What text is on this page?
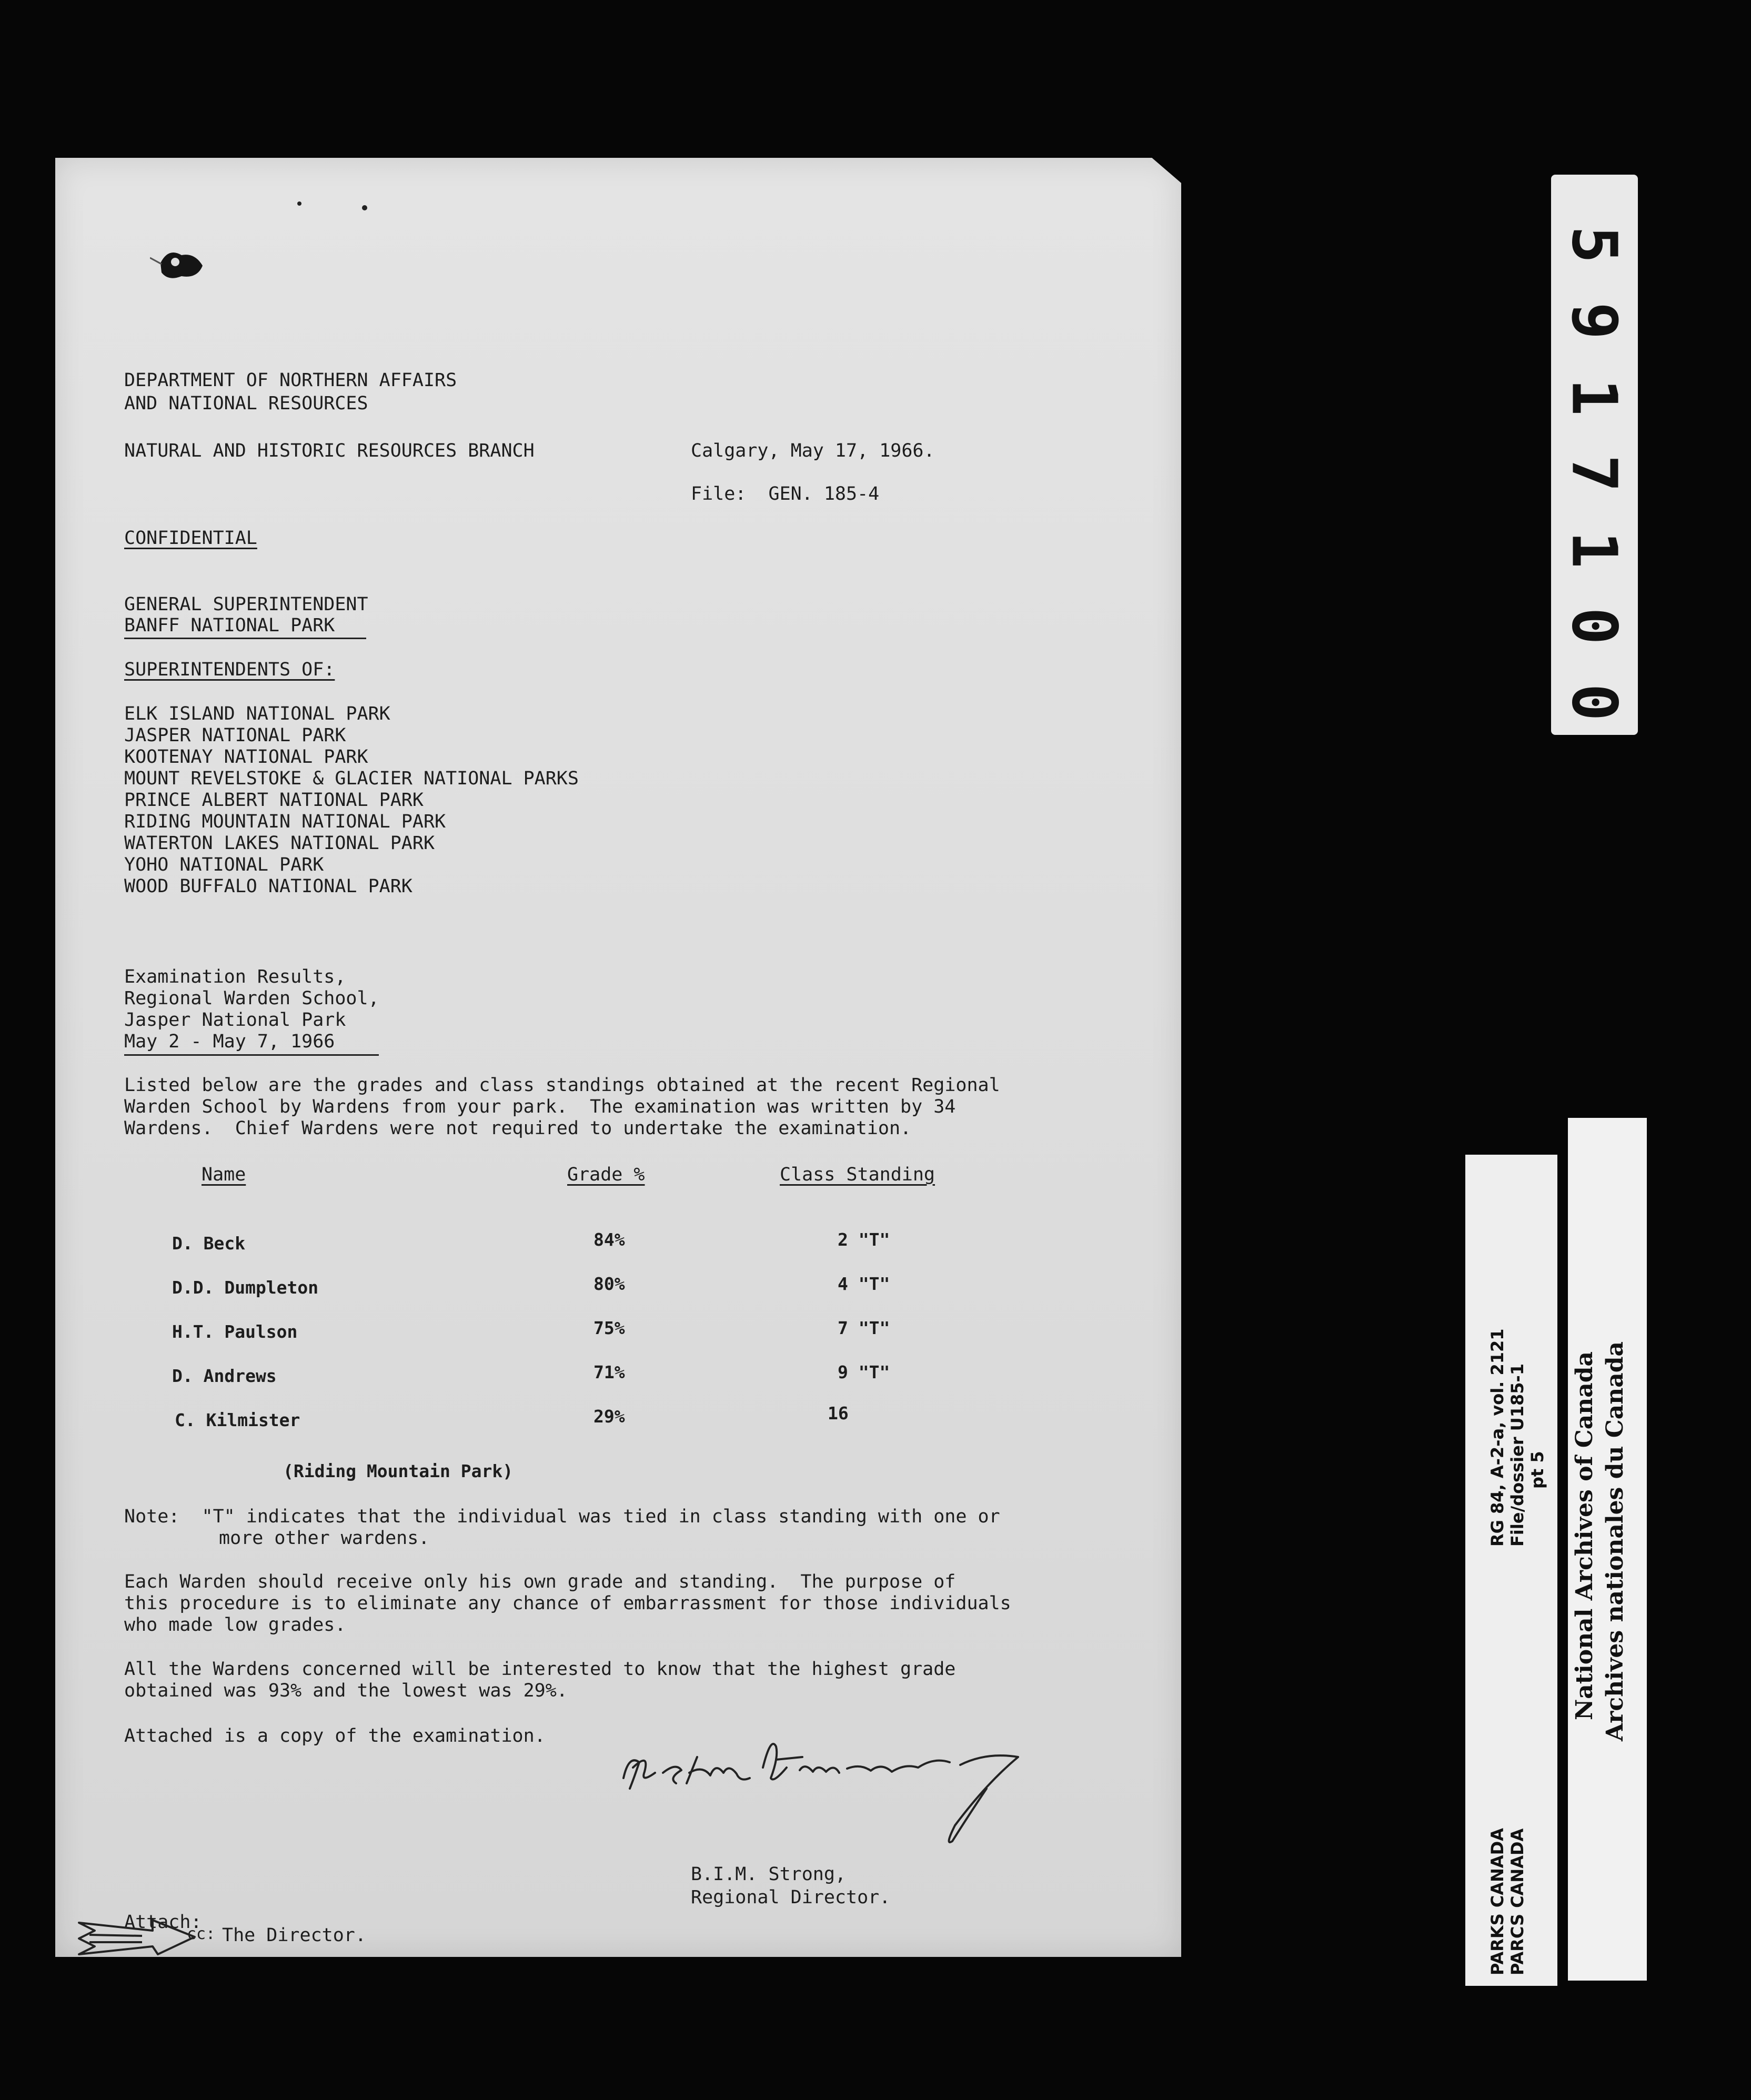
DEPARTMENT OF NORTHERN AFFAIRS
AND NATIONAL RESOURCES
NATURAL AND HISTORIC RESOURCES BRANCH	Calgary, May 17, 1966.
File:  GEN. 185-4
CONFIDENTIAL
GENERAL SUPERINTENDENT
BANFF NATIONAL PARK
SUPERINTENDENTS OF:
ELK ISLAND NATIONAL PARK
JASPER NATIONAL PARK
KOOTENAY NATIONAL PARK
MOUNT REVELSTOKE & GLACIER NATIONAL PARKS
PRINCE ALBERT NATIONAL PARK
RIDING MOUNTAIN NATIONAL PARK
WATERTON LAKES NATIONAL PARK
YOHO NATIONAL PARK
WOOD BUFFALO NATIONAL PARK
Examination Results,
Regional Warden School,
Jasper National Park
May 2 - May 7, 1966
Listed below are the grades and class standings obtained at the recent Regional
Warden School by Wardens from your park.  The examination was written by 34
Wardens.  Chief Wardens were not required to undertake the examination.
Name	Grade %	Class Standing
D. Beck	84%	2 "T"
D.D. Dumpleton	80%	4 "T"
H.T. Paulson	75%	7 "T"
D. Andrews	71%	9 "T"
C. Kilmister	29%	16
(Riding Mountain Park)
Note:  "T" indicates that the individual was tied in class standing with one or
more other wardens.
Each Warden should receive only his own grade and standing.  The purpose of
this procedure is to eliminate any chance of embarrassment for those individuals
who made low grades.
All the Wardens concerned will be interested to know that the highest grade
obtained was 93% and the lowest was 29%.
Attached is a copy of the examination.
B.I.M. Strong,
Regional Director.
Attach:
cc: The Director.
5
9
1
7
1
0
0
RG 84, A-2-a, vol. 2121 File/dossier U185-1 pt 5
PARKS CANADA PARCS CANADA
National Archives of Canada Archives nationales du Canada
